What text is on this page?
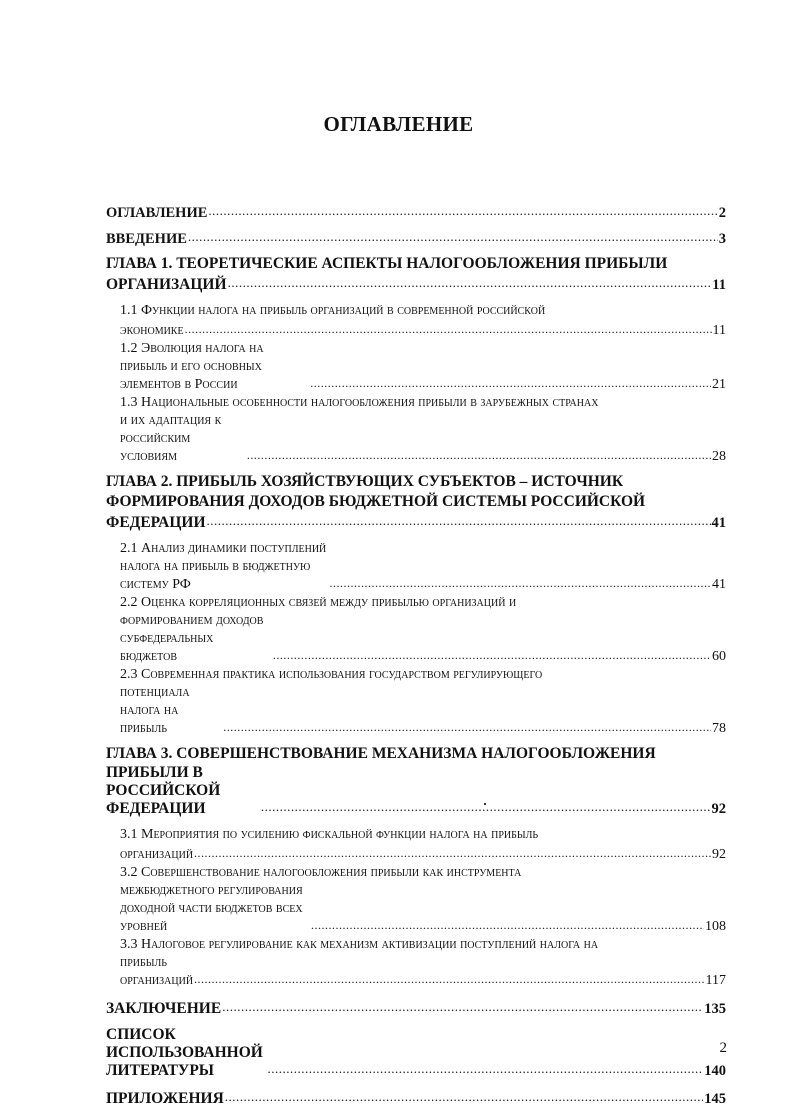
ОГЛАВЛЕНИЕ
ОГЛАВЛЕНИЕ .....	2
ВВЕДЕНИЕ .....	3
ГЛАВА 1. ТЕОРЕТИЧЕСКИЕ АСПЕКТЫ НАЛОГООБЛОЖЕНИЯ ПРИБЫЛИ
ОРГАНИЗАЦИЙ .....	11
1.1 Функции налога на прибыль организаций в современной российской
экономике .....	11
1.2 Эволюция налога на прибыль и его основных элементов в России .....	21
1.3 Национальные особенности налогообложения прибыли в зарубежных странах
и их адаптация к российским условиям .....	28
ГЛАВА 2. ПРИБЫЛЬ ХОЗЯЙСТВУЮЩИХ СУБЪЕКТОВ – ИСТОЧНИК
ФОРМИРОВАНИЯ ДОХОДОВ БЮДЖЕТНОЙ СИСТЕМЫ РОССИЙСКОЙ
ФЕДЕРАЦИИ .....	41
2.1 Анализ динамики поступлений налога на прибыль в бюджетную систему РФ .....	41
2.2 Оценка корреляционных связей между прибылью организаций и
формированием доходов субфедеральных бюджетов .....	60
2.3 Современная практика использования государством регулирующего
потенциала налога на прибыль .....	78
ГЛАВА 3. СОВЕРШЕНСТВОВАНИЕ МЕХАНИЗМА НАЛОГООБЛОЖЕНИЯ
ПРИБЫЛИ В РОССИЙСКОЙ ФЕДЕРАЦИИ .....	92
3.1 Мероприятия по усилению фискальной функции налога на прибыль
организаций .....	92
3.2 Совершенствование налогообложения прибыли как инструмента
межбюджетного регулирования доходной части бюджетов всех уровней .....	108
3.3 Налоговое регулирование как механизм активизации поступлений налога на
прибыль организаций .....	117
ЗАКЛЮЧЕНИЕ .....	135
СПИСОК ИСПОЛЬЗОВАННОЙ ЛИТЕРАТУРЫ .....	140
ПРИЛОЖЕНИЯ .....	145
2
